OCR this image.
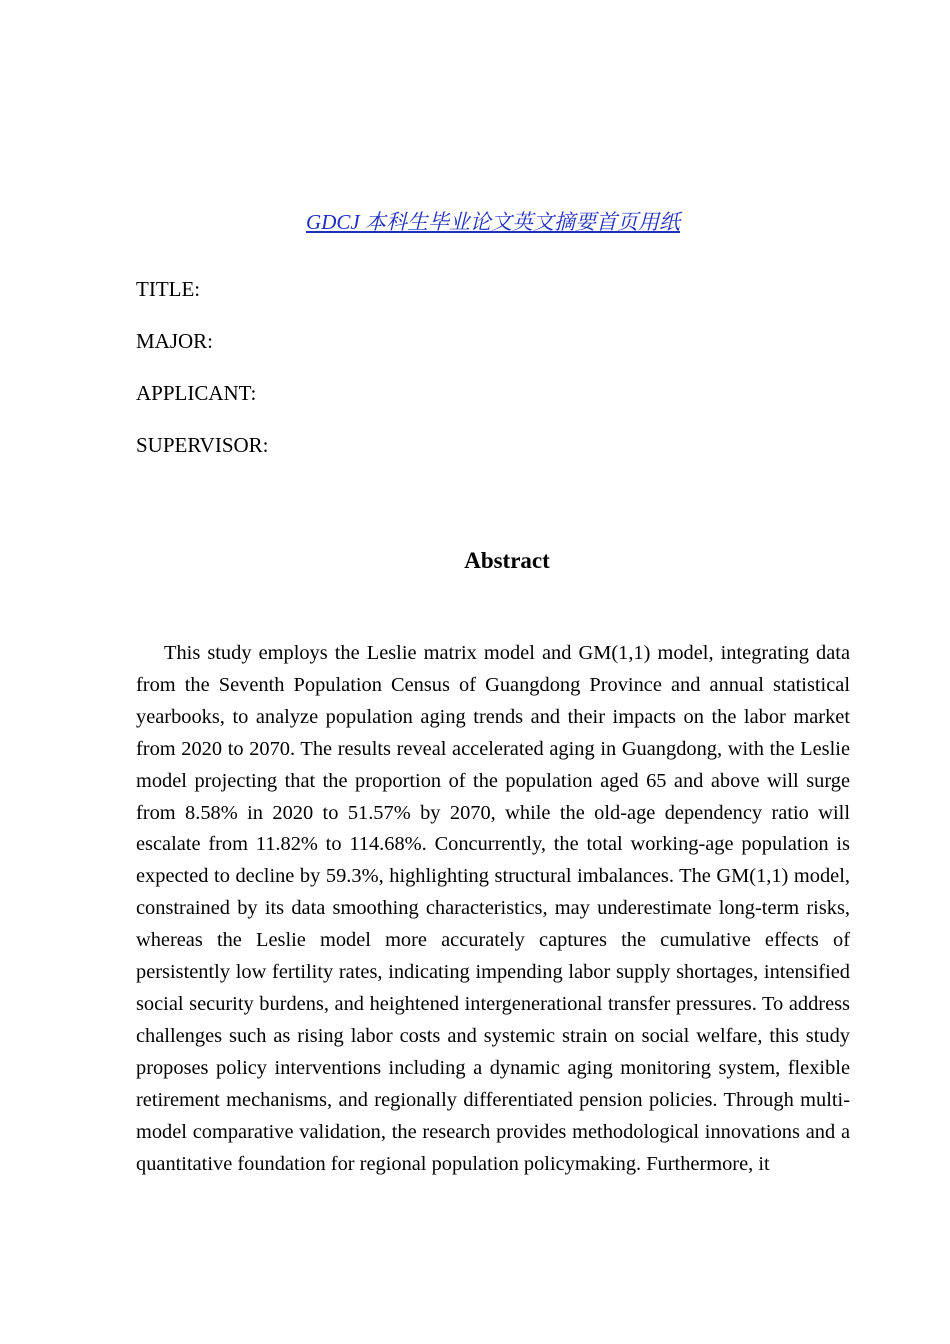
GDCJ 本科生毕业论文英文摘要首页用纸
TITLE:
MAJOR:
APPLICANT:
SUPERVISOR:
Abstract

This study employs the Leslie matrix model and GM(1,1) model, integrating data from the Seventh Population Census of Guangdong Province and annual statistical yearbooks, to analyze population aging trends and their impacts on the labor market from 2020 to 2070. The results reveal accelerated aging in Guangdong, with the Leslie model projecting that the proportion of the population aged 65 and above will surge from 8.58% in 2020 to 51.57% by 2070, while the old-age dependency ratio will escalate from 11.82% to 114.68%. Concurrently, the total working-age population is expected to decline by 59.3%, highlighting structural imbalances. The GM(1,1) model, constrained by its data smoothing characteristics, may underestimate long-term risks, whereas the Leslie model more accurately captures the cumulative effects of persistently low fertility rates, indicating impending labor supply shortages, intensified social security burdens, and heightened intergenerational transfer pressures. To address challenges such as rising labor costs and systemic strain on social welfare, this study proposes policy interventions including a dynamic aging monitoring system, flexible retirement mechanisms, and regionally differentiated pension policies. Through multi-model comparative validation, the research provides methodological innovations and a quantitative foundation for regional population policymaking. Furthermore, it
